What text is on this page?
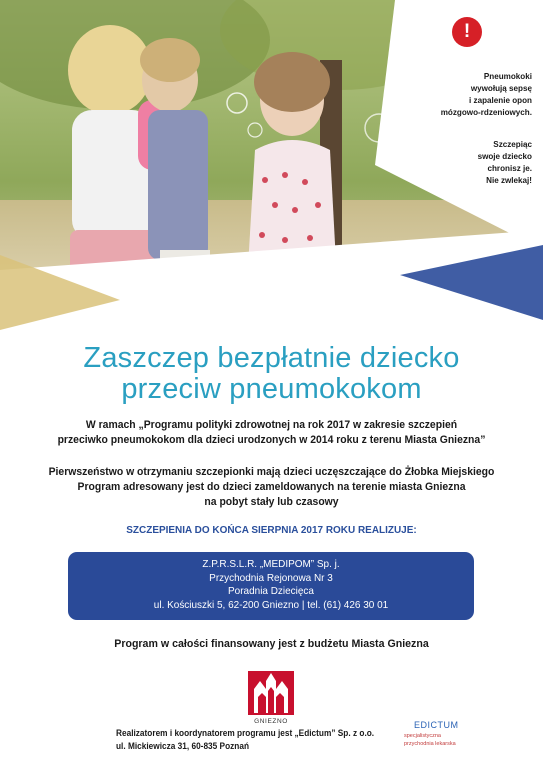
!
Pneumokoki
wywołują sepsę
i zapalenie opon
mózgowo-rdzeniowych.
Szczepiąc
swoje dziecko
chronisz je.
Nie zwlekaj!
Zaszczep bezpłatnie dziecko
przeciw pneumokokom
W ramach „Programu polityki zdrowotnej na rok 2017 w zakresie szczepień
przeciwko pneumokokom dla dzieci urodzonych w 2014 roku z terenu Miasta Gniezna”
Pierwszeństwo w otrzymaniu szczepionki mają dzieci uczęszczające do Żłobka Miejskiego
Program adresowany jest do dzieci zameldowanych na terenie miasta Gniezna
na pobyt stały lub czasowy
SZCZEPIENIA DO KOŃCA SIERPNIA 2017 ROKU REALIZUJE:
Z.P.R.S.L.R. „MEDIPOM” Sp. j.
Przychodnia Rejonowa Nr 3
Poradnia Dziecięca
ul. Kościuszki 5, 62-200 Gniezno | tel. (61) 426 30 01
Program w całości finansowany jest z budżetu Miasta Gniezna
GNIEZNO
Realizatorem i koordynatorem programu jest „Edictum” Sp. z o.o.
ul. Mickiewicza 31, 60-835 Poznań
EDICTUM
specjalistyczna
przychodnia lekarska
